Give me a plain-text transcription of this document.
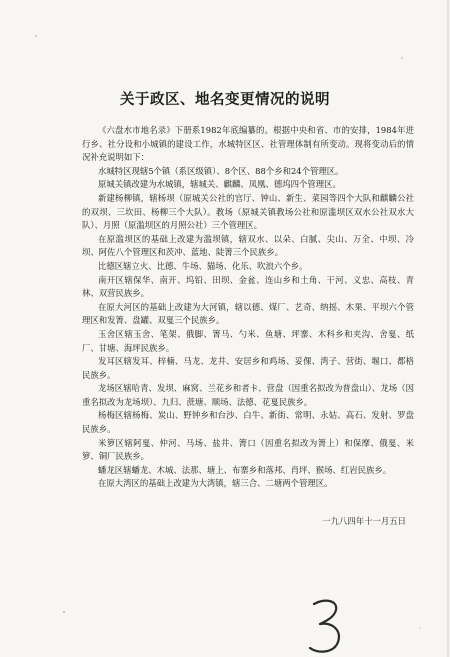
关于政区、地名变更情况的说明

《六盘水市地名录》下册系1982年底编纂的。根据中央和省、市的安排，1984年进行乡、社分设和小城镇的建设工作，水城特区区、社管理体制有所变动。现将变动后的情况补充说明如下：

水城特区现辖5个镇（系区级镇）、8个区、88个乡和24个管理区。

原城关镇改建为水城镇，辖城关、麒麟、凤凰、德坞四个管理区。

新建杨柳镇，辖杨坝（原城关公社的官厅、钟山、新生、菜园等四个大队和麒麟公社的双坝、三坎田、杨柳三个大队）。教场（原城关镇教场公社和原滥坝区双水公社双水大队）、月照（原滥坝区的月照公社）三个管理区。

在原滥坝区的基础上改建为滥坝镇，辖双水、以朵、白腻、尖山、万全、中坝、冷坝、阿佐八个管理区和茨冲、蓝地、陡箐三个民族乡。

比德区辖立火、比德、牛场、猫场、化乐、吹浪六个乡。

南开区辖保华、南开、坞铅、田坝、金盆、连山乡和土角、干河、义忠、高枝、青林、双营民族乡。

在原大河区的基础上改建为大河镇，辖以德、煤厂、艺奇、纳摇、木果、平坝六个管理区和发箐、盘罐、双戛三个民族乡。

玉舍区辖玉舍、笔架、俄脚、箐马、勺米、鱼塘、坪寨、木科乡和夹沟、舍戛、纸厂、甘塘、海坪民族乡。

发耳区辖发耳、梓楠、马龙、龙井、安居乡和鸡场、妥倮、湾子、营街、堰口、都格民族乡。

龙场区辖哈青、发坝、麻窝、兰花乡和者卡、营盘（因重名拟改为普盘山）、龙场（因重名拟改为龙场坝）、九归、蔗塘、顺场、法德、花戛民族乡。

杨梅区辖杨梅、炭山、野钟乡和台沙、白牛、新街、常明、永姑、高石、发射、罗盘民族乡。

米箩区辖阿戛、仲河、马场、盐井、箐口（因重名拟改为箐上）和保摩、俄戛、米箩、铜厂民族乡。

蟠龙区辖蟠龙、木城、法那、塘上、布寨乡和落邦、肖坪、猴场、红岩民族乡。

在原大湾区的基础上改建为大湾镇，辖三合、二塘两个管理区。

一九八四年十一月五日
